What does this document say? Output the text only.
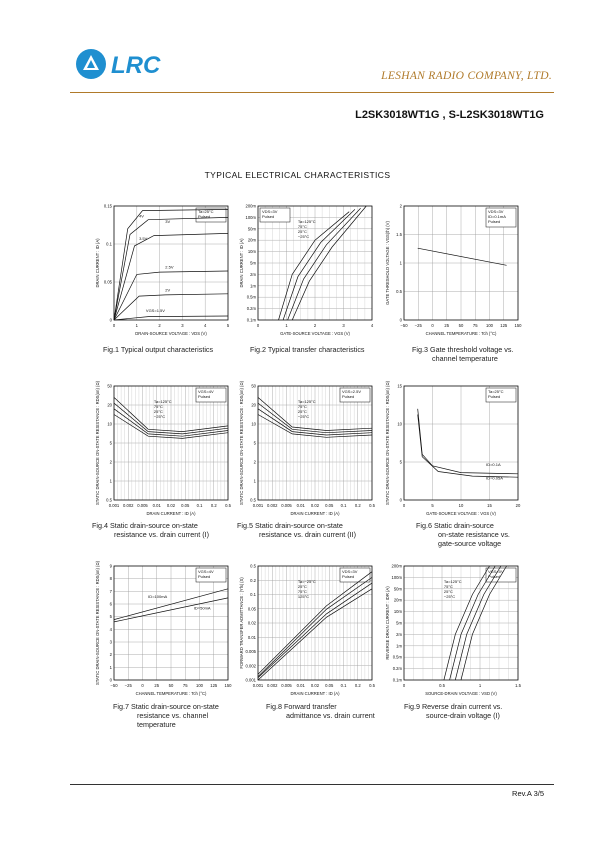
LRC	LESHAN RADIO COMPANY, LTD.
L2SK3018WT1G , S-L2SK3018WT1G
TYPICAL ELECTRICAL CHARACTERISTICS
0	1	2	3	4	5
0
0.05
0.1
0.15
DRAIN-SOURCE VOLTAGE : VDS (V)
DRAIN CURRENT : ID (A)
Ta=25°C
Pulsed
4V
3V
3.5V
2.5V
2V
VGS=1.5V
0	1	2	3	4
200m
100m
50m
20m
10m
5m
2m
1m
0.5m
0.2m
0.1m
GATE-SOURCE VOLTAGE : VGS (V)
DRAIN CURRENT : ID (A)
VDS=3V
Pulsed
Ta=125°C
75°C
25°C
−25°C
−50 −25 0	25 50 75 100 125 150
0
0.5
1
1.5
2
CHANNEL TEMPERATURE : Tch (°C)
GATE THRESHOLD VOLTAGE : VGS(th) (V)
VDS=3V
ID=0.1mA
Pulsed
Fig.1 Typical output characteristics	Fig.2 Typical transfer characteristics	Fig.3 Gate threshold voltage vs.
channel temperature
0.001 0.002 0.005 0.01 0.02 0.05 0.1 0.2 0.5
50
20
10
5
2
1
0.5
DRAIN CURRENT : ID (A)
STATIC DRAIN-SOURCE ON-STATE RESISTANCE : RDS(on) (Ω)	VGS=4V
Pulsed
Ta=125°C
75°C
25°C
−25°C
0.001 0.002 0.005 0.01 0.02 0.05 0.1 0.2 0.5
50
20
10
5
2
1
0.5
DRAIN CURRENT : ID (A)
STATIC DRAIN-SOURCE ON-STATE RESISTANCE : RDS(on) (Ω)	VGS=2.5V
Pulsed
Ta=125°C
75°C
25°C
−25°C
0	5	10	15	20
0
5
10
15
GATE-SOURCE VOLTAGE : VGS (V)
STATIC DRAIN-SOURCE ON-STATE RESISTANCE : RDS(on) (Ω)	Ta=25°C
Pulsed
ID=0.1A
ID=0.05A
Fig.4 Static drain-source on-state
resistance vs. drain current (I)
Fig.5 Static drain-source on-state
resistance vs. drain current (II)
Fig.6 Static drain-source
on-state resistance vs.
gate-source voltage
−50 −25 0	25 50 75 100 125 150
0
1
2
3
4
5
6
7
8
9
CHANNEL TEMPERATURE : Tch (°C)
STATIC DRAIN-SOURCE ON-STATE RESISTANCE : RDS(on) (Ω)	VGS=4V
Pulsed
ID=100mA
ID=50mA
0.001 0.002 0.005 0.01 0.02 0.05 0.1 0.2 0.5
0.5
0.2
0.1
0.05
0.02
0.01
0.005
0.002
0.001
DRAIN CURRENT : ID (A)
FORWARD TRANSFER ADMITTANCE : |Yfs| (S)
VDS=3V
Pulsed
Ta=−25°C
25°C
75°C
125°C
0	0.5	1	1.5
200m
100m
50m
20m
10m
5m
2m
1m
0.5m
0.2m
0.1m
SOURCE-DRAIN VOLTAGE : VSD (V)
REVERSE DRAIN CURRENT : IDR (A)
VGS=0V
Pulsed
Ta=125°C
75°C
25°C
−25°C
Fig.7 Static drain-source on-state
resistance vs. channel
temperature
Fig.8 Forward transfer
admittance vs. drain current
Fig.9 Reverse drain current vs.
source-drain voltage (I)
Rev.A 3/5
